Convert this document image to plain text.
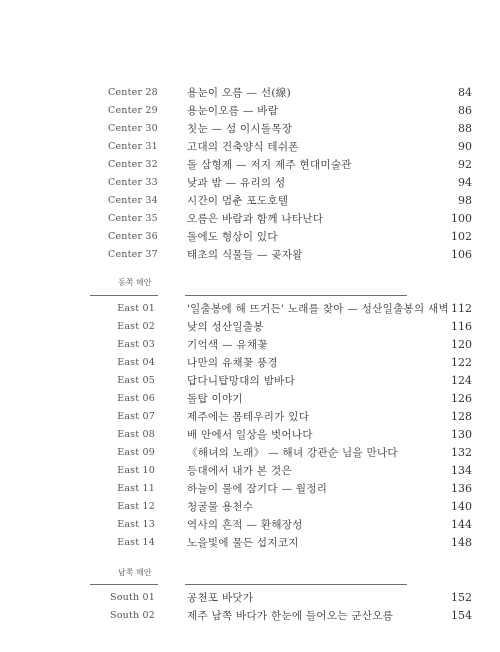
Center 28	용눈이 오름 — 선(線)	84
Center 29	용눈이오름 — 바람	86
Center 30	칫눈 — 섬 이시돌목장	88
Center 31	고대의 건축양식 테쉬폰	90
Center 32	돌 삼형제 — 저지 제주 현대미술관	92
Center 33	낮과 밤 — 유리의 성	94
Center 34	시간이 멈춘 포도호텔	98
Center 35	오름은 바람과 함께 나타난다	100
Center 36	돌에도 형상이 있다	102
Center 37	태초의 식물들 — 곶자왈	106
동쪽 해안
East 01	'일출봉에 해 뜨거든' 노래를 찾아 — 성산일출봉의 새벽 112
East 02	낮의 성산일출봉	116
East 03	기억색 — 유채꽃	120
East 04	나만의 유채꽃 풍경	122
East 05	답다니탑망대의 밤바다	124
East 06	돌탑 이야기	126
East 07	제주에는 몸테우리가 있다	128
East 08	배 안에서 일상을 벗어나다	130
East 09	《해녀의 노래》 — 해녀 강관순 님을 만나다	132
East 10	등대에서 내가 본 것은	134
East 11	하늘이 물에 잠기다 — 월정리	136
East 12	청굴물 용천수	140
East 13	역사의 흔적 — 환해장성	144
East 14	노을빛에 물든 섭지코지	148
남쪽 해안
South 01	공천포 바닷가	152
South 02	제주 남쪽 바다가 한눈에 들어오는 군산오름	154
